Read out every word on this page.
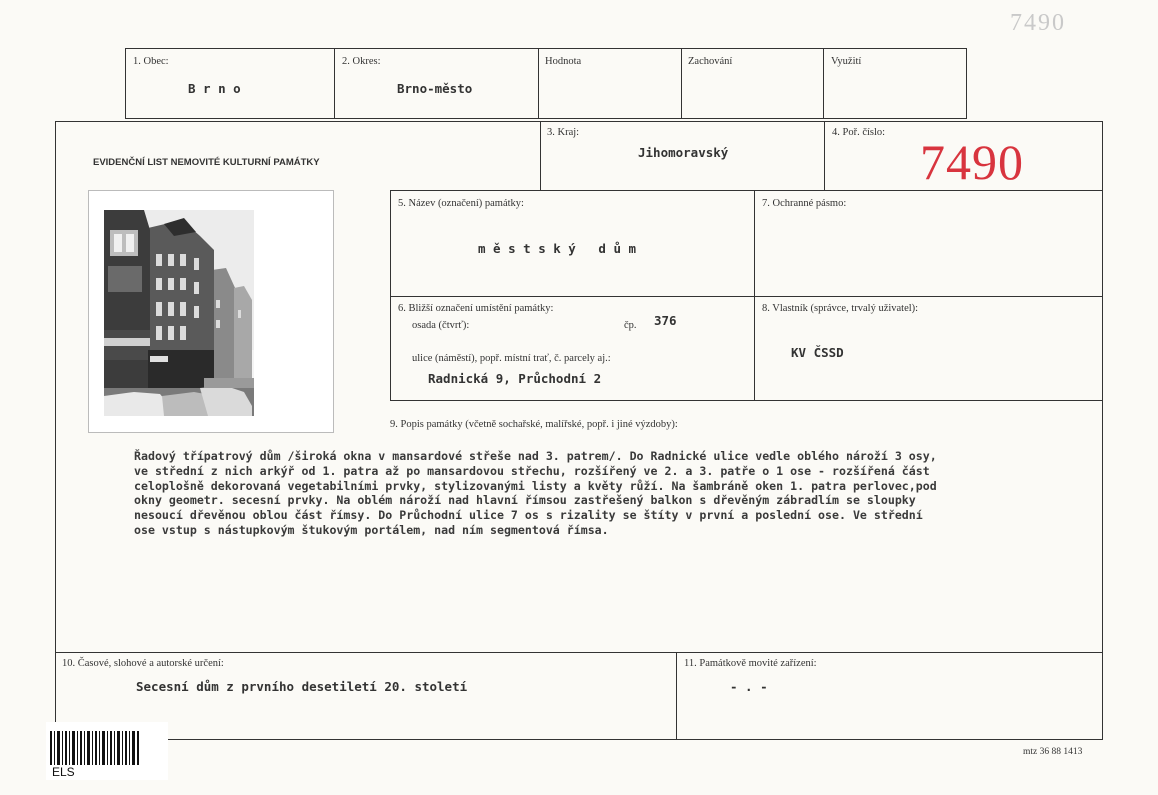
7490
1. Obec:
B r n o
2. Okres:
Brno-město
Hodnota	Zachování	Využití
EVIDENČNÍ LIST NEMOVITÉ KULTURNÍ PAMÁTKY
3. Kraj:
Jihomoravský
4. Poř. číslo:
7490
5. Název (označení) památky:
m ě s t s k ý   d ů m
7. Ochranné pásmo:
6. Bližší označení umístění památky:
osada (čtvrť):	čp. 376
ulice (náměstí), popř. místní trať, č. parcely aj.:
Radnická 9, Průchodní 2
8. Vlastník (správce, trvalý uživatel):
KV ČSSD
9. Popis památky (včetně sochařské, malířské, popř. i jiné výzdoby):
Řadový třípatrový dům /široká okna v mansardové střeše nad 3. patrem/. Do Radnické ulice vedle oblého nároží 3 osy,
ve střední z nich arkýř od 1. patra až po mansardovou střechu, rozšířený ve 2. a 3. patře o 1 ose - rozšířená část
celoplošně dekorovaná vegetabilními prvky, stylizovanými listy a květy růží. Na šambráně oken 1. patra perlovec,pod
okny geometr. secesní prvky. Na oblém nároží nad hlavní římsou zastřešený balkon s dřevěným zábradlím se sloupky
nesoucí dřevěnou oblou část římsy. Do Průchodní ulice 7 os s rizality se štíty v první a poslední ose. Ve střední
ose vstup s nástupkovým štukovým portálem, nad ním segmentová římsa.
10. Časové, slohové a autorské určení:
Secesní dům z prvního desetiletí 20. století
11. Památkově movité zařízení:
- . -
ELS
mtz 36 88 1413
